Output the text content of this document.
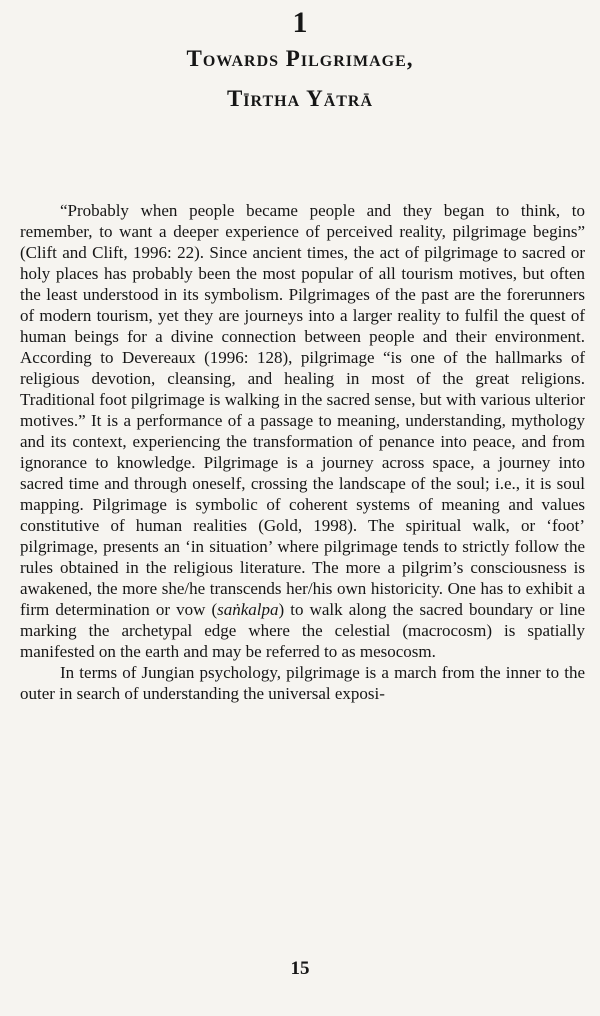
1
Towards Pilgrimage,
Tīrtha Yātrā

“Probably when people became people and they began to think, to remember, to want a deeper experience of perceived reality, pilgrimage begins” (Clift and Clift, 1996: 22). Since ancient times, the act of pilgrimage to sacred or holy places has probably been the most popular of all tourism motives, but often the least understood in its symbolism. Pilgrimages of the past are the forerunners of modern tourism, yet they are journeys into a larger reality to fulfil the quest of human beings for a divine connection between people and their environment. According to Devereaux (1996: 128), pilgrimage “is one of the hallmarks of religious devotion, cleansing, and healing in most of the great religions. Traditional foot pilgrimage is walking in the sacred sense, but with various ulterior motives.” It is a performance of a passage to meaning, understanding, mythology and its context, experiencing the transformation of penance into peace, and from ignorance to knowledge. Pilgrimage is a journey across space, a journey into sacred time and through oneself, crossing the landscape of the soul; i.e., it is soul mapping. Pilgrimage is symbolic of coherent systems of meaning and values constitutive of human realities (Gold, 1998). The spiritual walk, or ‘foot’ pilgrimage, presents an ‘in situation’ where pilgrimage tends to strictly follow the rules obtained in the religious literature. The more a pilgrim’s consciousness is awakened, the more she/he transcends her/his own historicity. One has to exhibit a firm determination or vow (saṅkalpa) to walk along the sacred boundary or line marking the archetypal edge where the celestial (macrocosm) is spatially manifested on the earth and may be referred to as mesocosm.

In terms of Jungian psychology, pilgrimage is a march from the inner to the outer in search of understanding the universal exposi-

15
